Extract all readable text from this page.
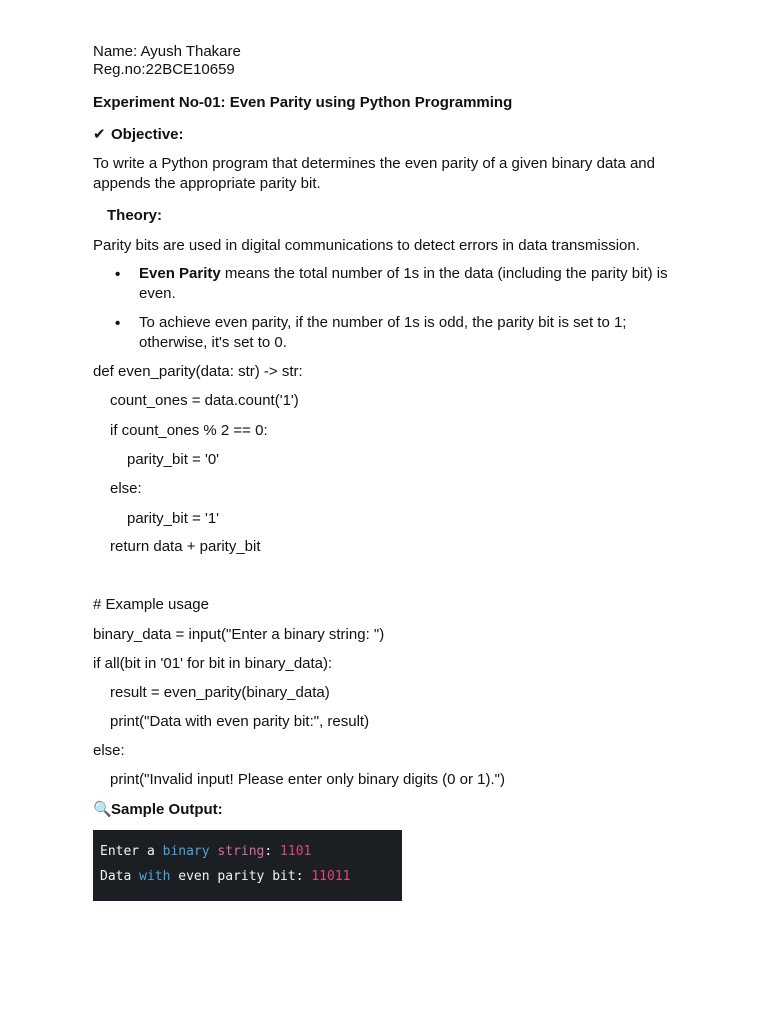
Name: Ayush Thakare
Reg.no:22BCE10659
Experiment No-01: Even Parity using Python Programming
✔ Objective:
To write a Python program that determines the even parity of a given binary data and appends the appropriate parity bit.
Theory:
Parity bits are used in digital communications to detect errors in data transmission.
• Even Parity means the total number of 1s in the data (including the parity bit) is even.
• To achieve even parity, if the number of 1s is odd, the parity bit is set to 1; otherwise, it's set to 0.
def even_parity(data: str) -> str:
count_ones = data.count('1')
if count_ones % 2 == 0:
parity_bit = '0'
else:
parity_bit = '1'
return data + parity_bit
# Example usage
binary_data = input("Enter a binary string: ")
if all(bit in '01' for bit in binary_data):
result = even_parity(binary_data)
print("Data with even parity bit:", result)
else:
print("Invalid input! Please enter only binary digits (0 or 1).")
🔍Sample Output:
Enter a binary string: 1101
Data with even parity bit: 11011
